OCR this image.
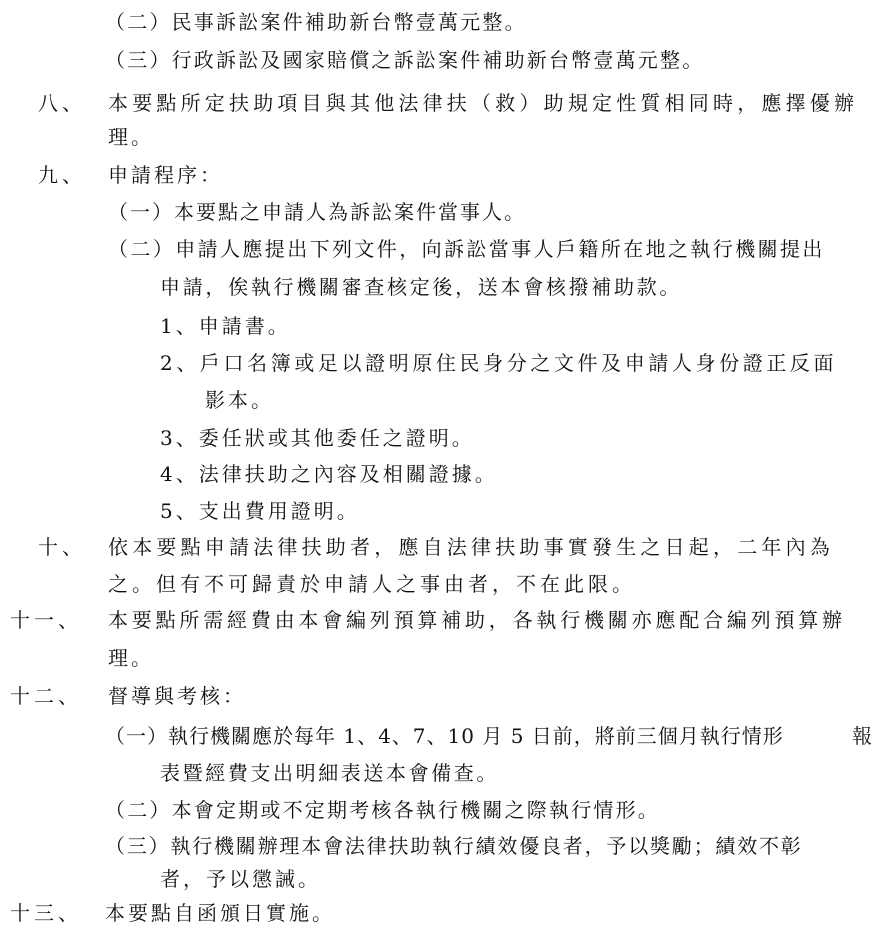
（二）民事訴訟案件補助新台幣壹萬元整。
（三）行政訴訟及國家賠償之訴訟案件補助新台幣壹萬元整。
八、 本要點所定扶助項目與其他法律扶（救）助規定性質相同時，應擇優辦
理。
九、 申請程序：
（一）本要點之申請人為訴訟案件當事人。
（二）申請人應提出下列文件，向訴訟當事人戶籍所在地之執行機關提出
申請，俟執行機關審查核定後，送本會核撥補助款。
1、申請書。
2、戶口名簿或足以證明原住民身分之文件及申請人身份證正反面
影本。
3、委任狀或其他委任之證明。
4、法律扶助之內容及相關證據。
5、支出費用證明。
十、 依本要點申請法律扶助者，應自法律扶助事實發生之日起，二年內為
之。但有不可歸責於申請人之事由者，不在此限。
十一、 本要點所需經費由本會編列預算補助，各執行機關亦應配合編列預算辦
理。
十二、 督導與考核：
（一）執行機關應於每年 1、4、7、10 月 5 日前，將前三個月執行情形	報
表暨經費支出明細表送本會備查。
（二）本會定期或不定期考核各執行機關之際執行情形。
（三）執行機關辦理本會法律扶助執行績效優良者，予以獎勵；績效不彰
者，予以懲誡。
十三、 本要點自函頒日實施。
